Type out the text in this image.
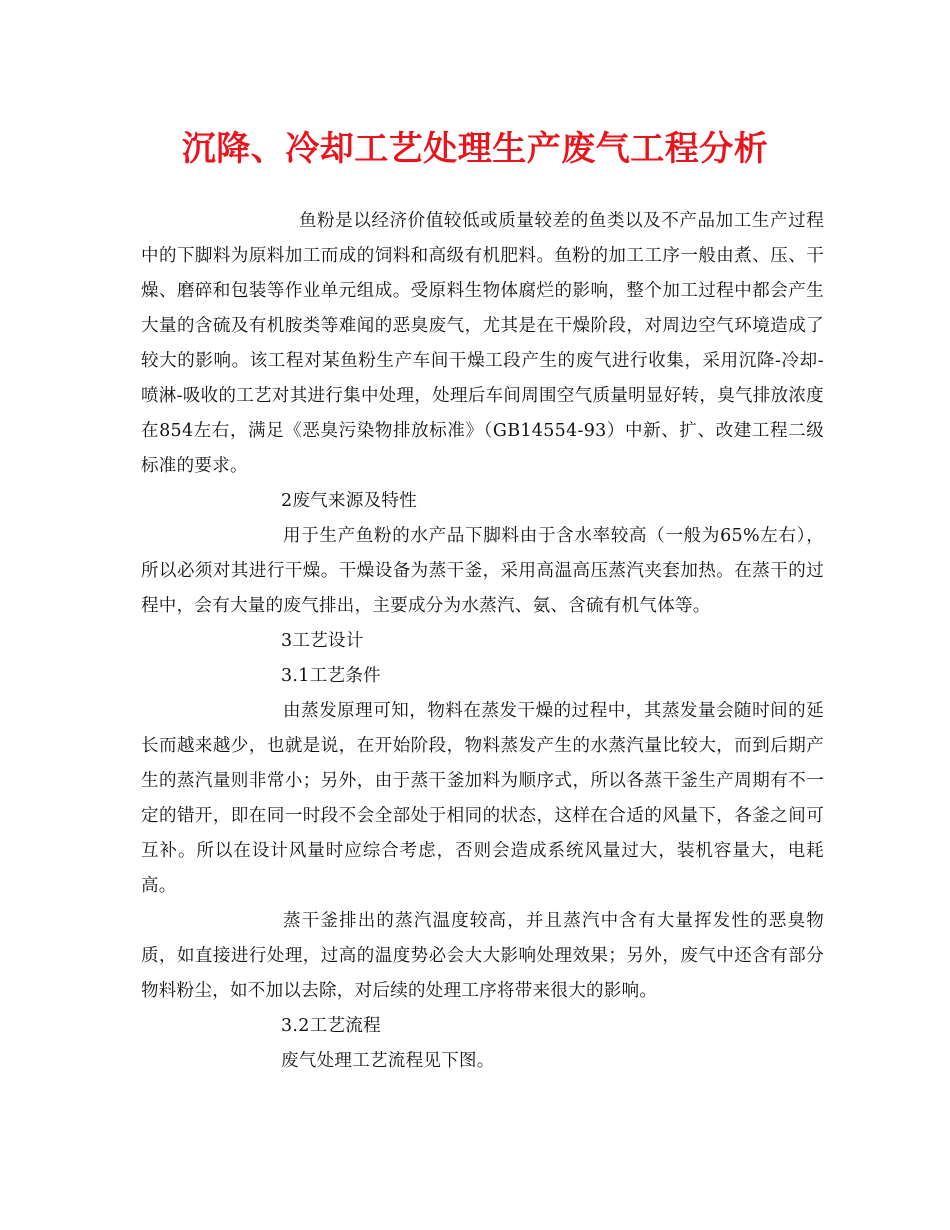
沉降、冷却工艺处理生产废气工程分析

鱼粉是以经济价值较低或质量较差的鱼类以及不产品加工生产过程中的下脚料为原料加工而成的饲料和高级有机肥料。鱼粉的加工工序一般由煮、压、干燥、磨碎和包装等作业单元组成。受原料生物体腐烂的影响，整个加工过程中都会产生大量的含硫及有机胺类等难闻的恶臭废气，尤其是在干燥阶段，对周边空气环境造成了较大的影响。该工程对某鱼粉生产车间干燥工段产生的废气进行收集，采用沉降-冷却-喷淋-吸收的工艺对其进行集中处理，处理后车间周围空气质量明显好转，臭气排放浓度在854左右，满足《恶臭污染物排放标准》（GB14554-93）中新、扩、改建工程二级标准的要求。

2废气来源及特性

用于生产鱼粉的水产品下脚料由于含水率较高（一般为65%左右），所以必须对其进行干燥。干燥设备为蒸干釜，采用高温高压蒸汽夹套加热。在蒸干的过程中，会有大量的废气排出，主要成分为水蒸汽、氨、含硫有机气体等。

3工艺设计

3.1工艺条件

由蒸发原理可知，物料在蒸发干燥的过程中，其蒸发量会随时间的延长而越来越少，也就是说，在开始阶段，物料蒸发产生的水蒸汽量比较大，而到后期产生的蒸汽量则非常小；另外，由于蒸干釜加料为顺序式，所以各蒸干釜生产周期有不一定的错开，即在同一时段不会全部处于相同的状态，这样在合适的风量下，各釜之间可互补。所以在设计风量时应综合考虑，否则会造成系统风量过大，装机容量大，电耗高。

蒸干釜排出的蒸汽温度较高，并且蒸汽中含有大量挥发性的恶臭物质，如直接进行处理，过高的温度势必会大大影响处理效果；另外，废气中还含有部分物料粉尘，如不加以去除，对后续的处理工序将带来很大的影响。

3.2工艺流程

废气处理工艺流程见下图。
